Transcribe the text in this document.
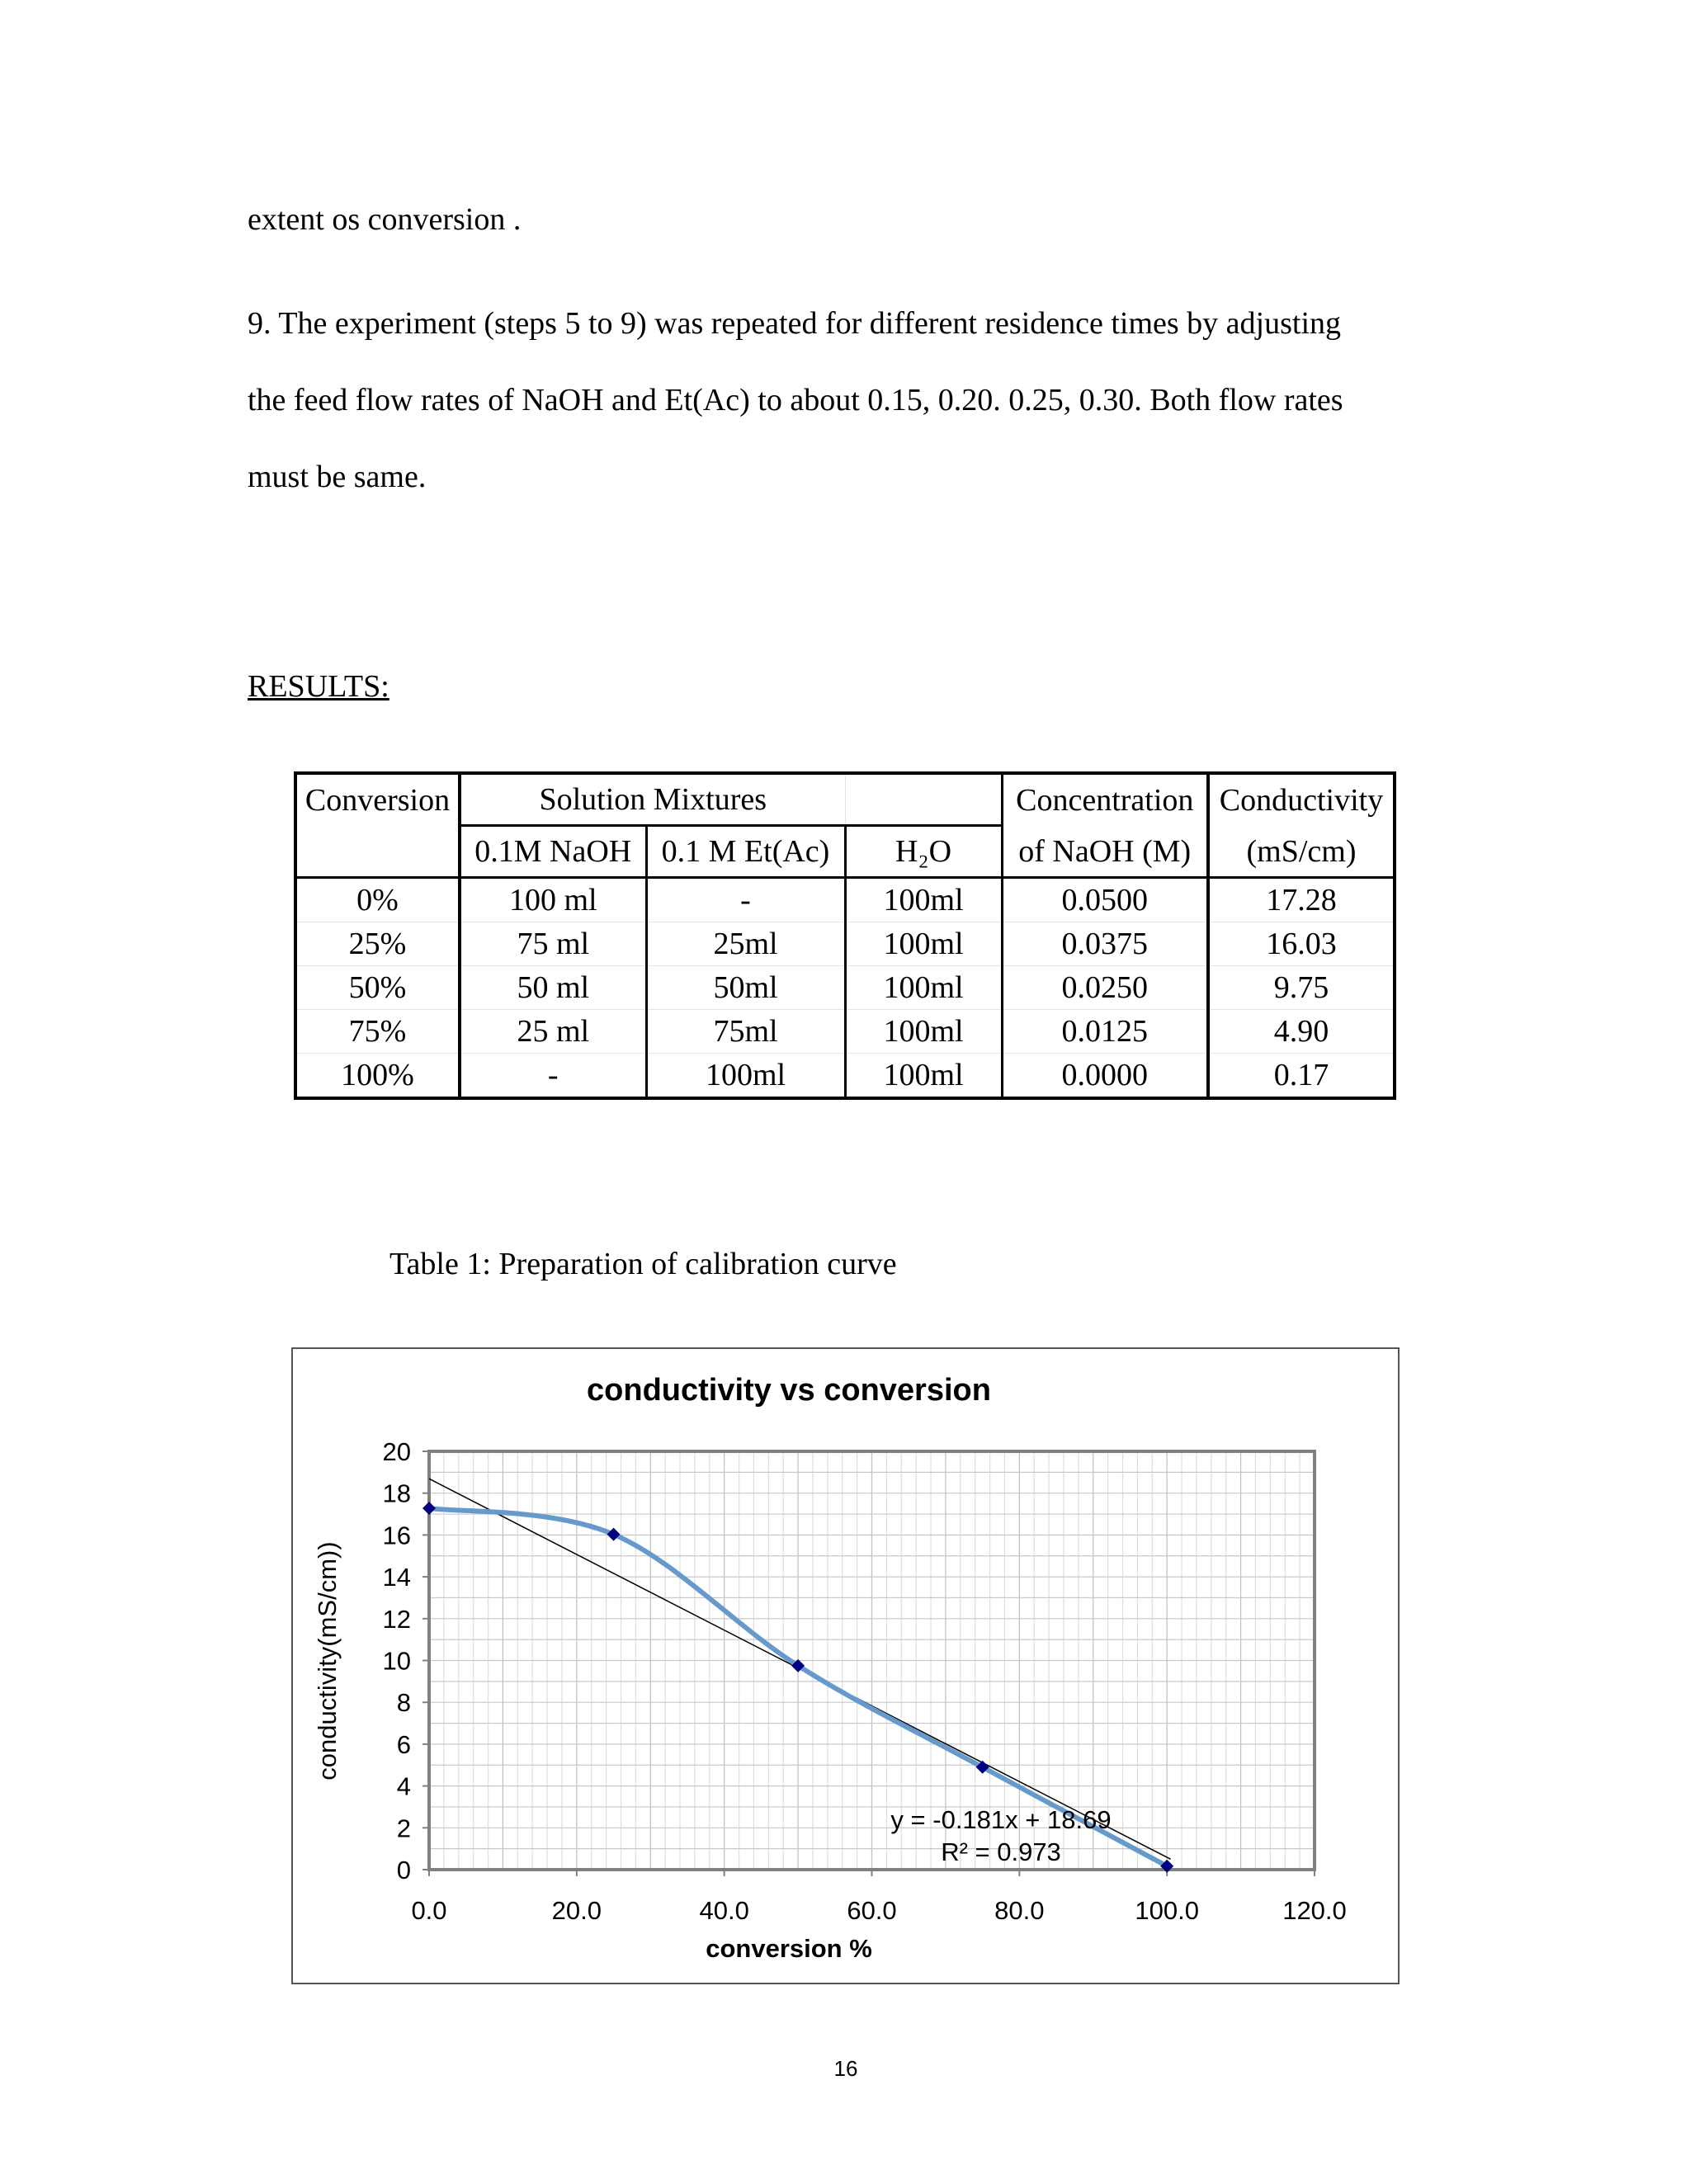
extent os conversion .
9. The experiment (steps 5 to 9) was repeated for different residence times by adjusting
the feed flow rates of NaOH and Et(Ac) to about 0.15, 0.20. 0.25, 0.30. Both flow rates
must be same.
RESULTS:
Conversion	Solution Mixtures			Concentration	Conductivity
	0.1M NaOH	0.1 M Et(Ac)	H₂O	of NaOH (M)	(mS/cm)
0%	100 ml	-	100ml	0.0500	17.28
25%	75 ml	25ml	100ml	0.0375	16.03
50%	50 ml	50ml	100ml	0.0250	9.75
75%	25 ml	75ml	100ml	0.0125	4.90
100%	-	100ml	100ml	0.0000	0.17
Table 1: Preparation of calibration curve
0
2
4
6
8
10
12
14
16
18
20
0.0	20.0	40.0	60.0	80.0	100.0	120.0
conductivity vs conversion
conversion %
conductivity(mS/cm))
y = -0.181x + 18.69
R² = 0.973
16
